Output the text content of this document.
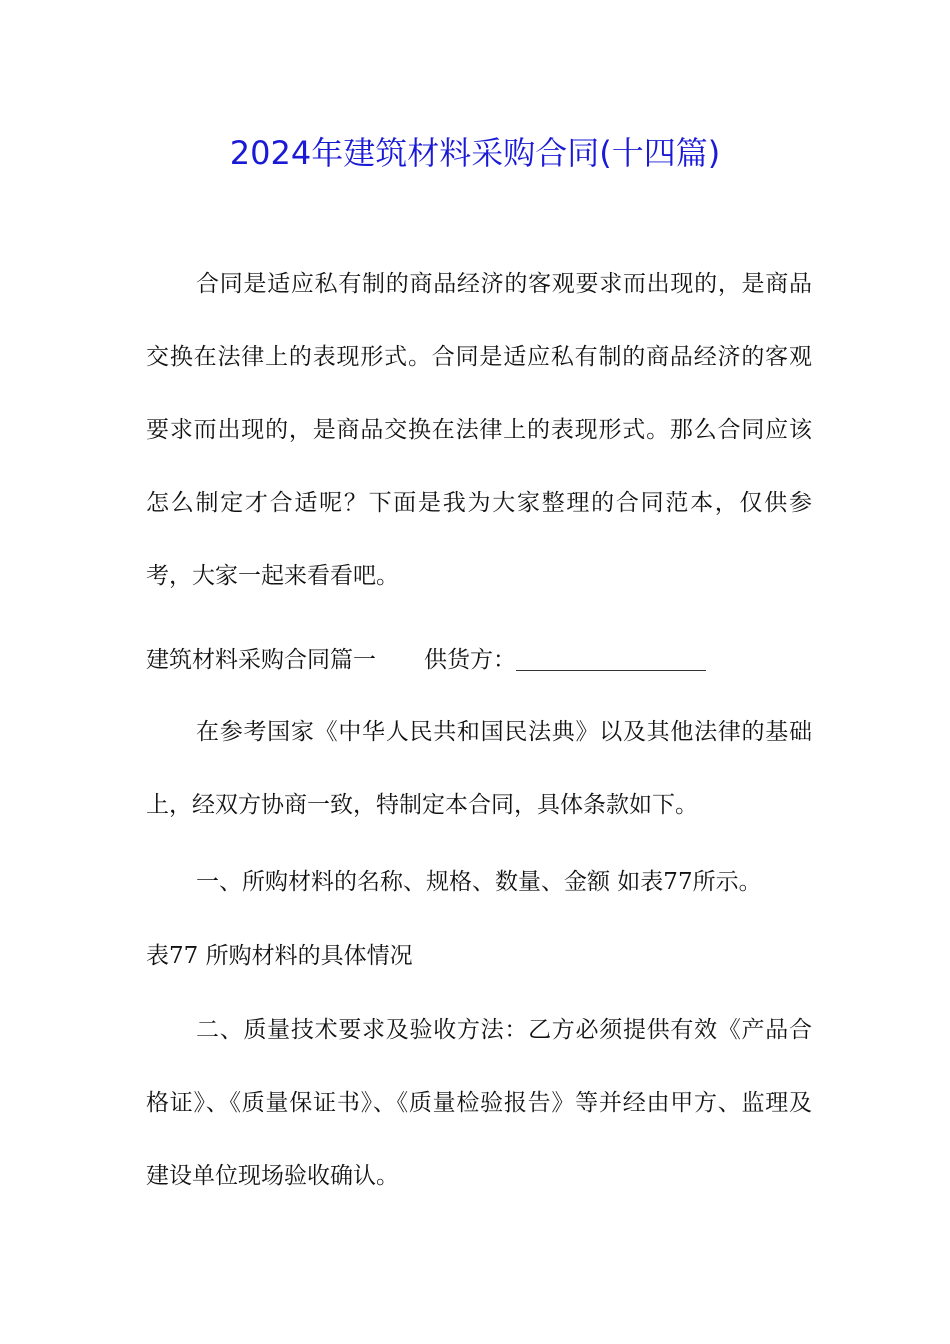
2024年建筑材料采购合同(十四篇)

合同是适应私有制的商品经济的客观要求而出现的，是商品交换在法律上的表现形式。合同是适应私有制的商品经济的客观要求而出现的，是商品交换在法律上的表现形式。那么合同应该怎么制定才合适呢？下面是我为大家整理的合同范本，仅供参考，大家一起来看看吧。

建筑材料采购合同篇一 供货方：

在参考国家《中华人民共和国民法典》以及其他法律的基础上，经双方协商一致，特制定本合同，具体条款如下。

一、所购材料的名称、规格、数量、金额 如表77所示。
表77 所购材料的具体情况

二、质量技术要求及验收方法：乙方必须提供有效《产品合格证》、《质量保证书》、《质量检验报告》等并经由甲方、监理及建设单位现场验收确认。
